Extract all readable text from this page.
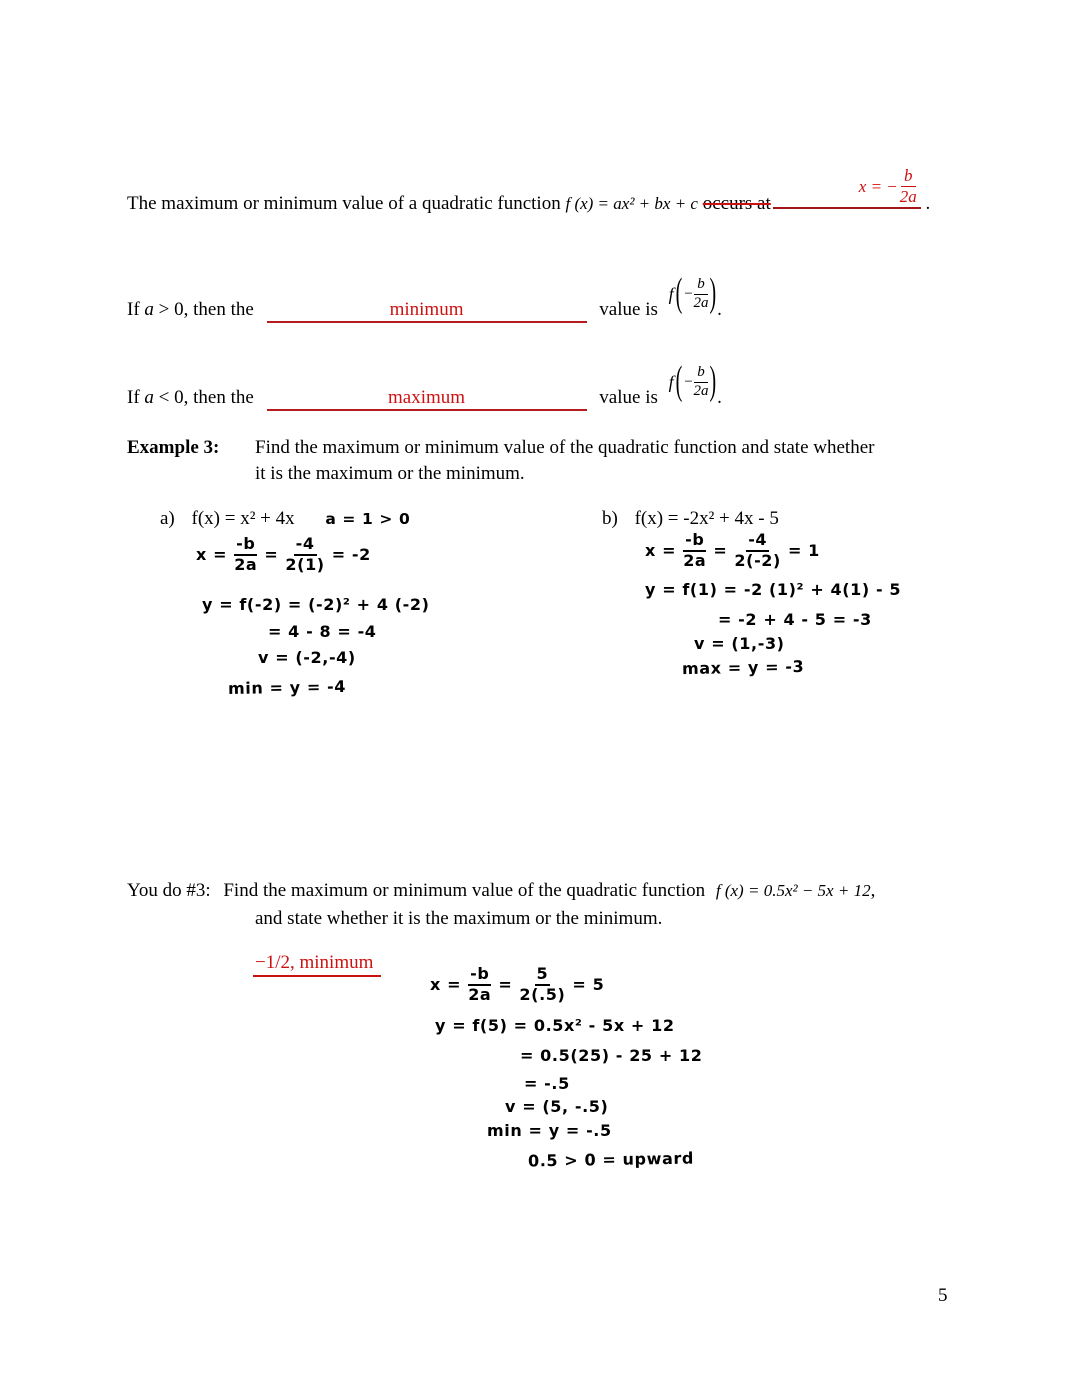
The maximum or minimum value of a quadratic function f (x) = ax² + bx + c occurs at
x = − $\frac{b}{2a}$ .
If a > 0, then the	minimum	value is
f ( − $\frac{b}{2a}$ ) .
If a < 0, then the	maximum	value is
f ( − $\frac{b}{2a}$ ) .
Example 3: Find the maximum or minimum value of the quadratic function and state whether
it is the maximum or the minimum.
a) f(x) = x² + 4x a = 1 > 0
$x = \frac{-b}{2a} = \frac{-4}{2(1)} = -2$
y = f(-2) = (-2)² + 4 (-2)
= 4 - 8 = -4
v = (-2,-4)
min = y = -4
b) f(x) = -2x² + 4x - 5
$x = \frac{-b}{2a} = \frac{-4}{2(-2)} = 1$
y = f(1) = -2 (1)² + 4(1) - 5
= -2 + 4 - 5 = -3
v = (1,-3)
max = y = -3
You do #3: Find the maximum or minimum value of the quadratic function f (x) = 0.5x² − 5x + 12,
and state whether it is the maximum or the minimum.
−1/2, minimum
$x = \frac{-b}{2a} = \frac{5}{2(.5)} = 5$
y = f(5) = 0.5x² - 5x + 12
= 0.5(25) - 25 + 12
= -.5
v = (5, -.5)
min = y = -.5
0.5 > 0 = upward
5
